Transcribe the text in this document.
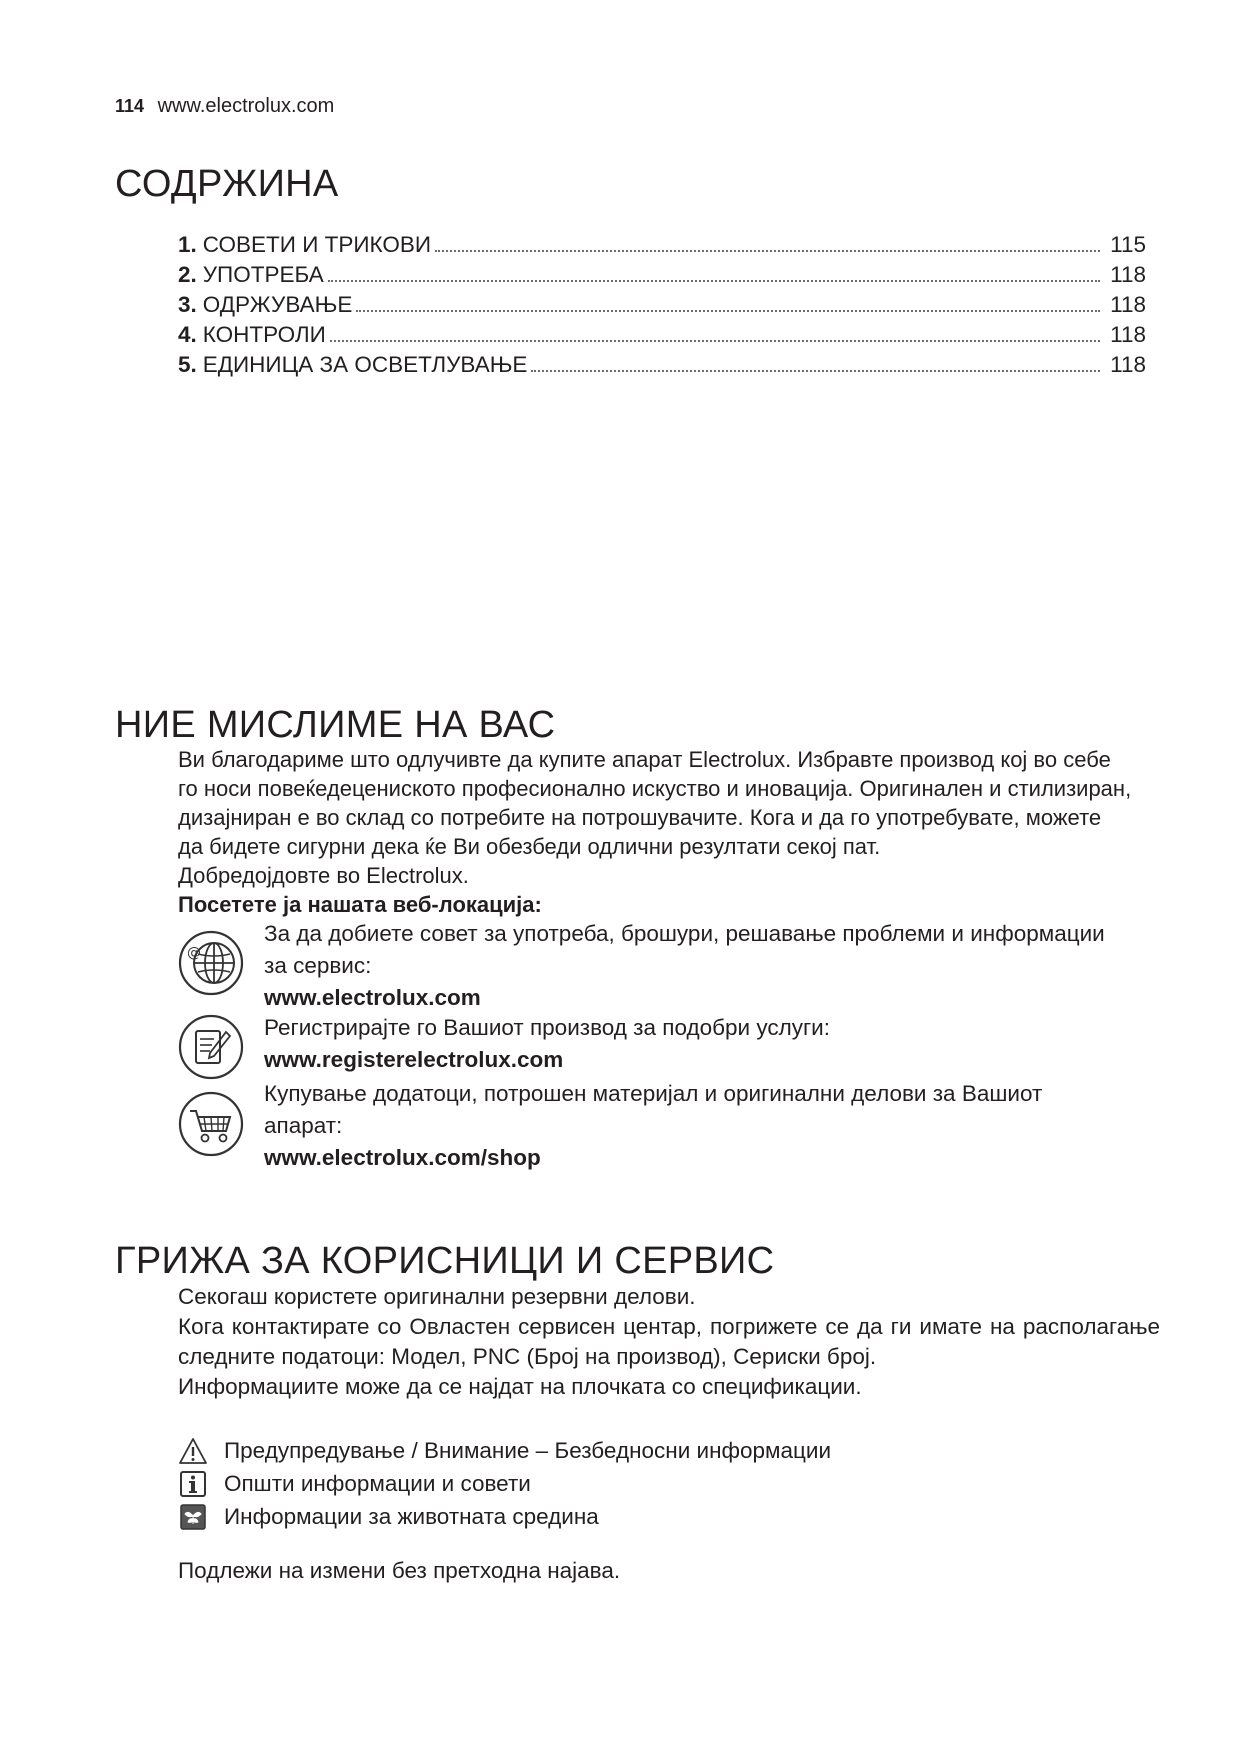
114 www.electrolux.com
СОДРЖИНА
1. СОВЕТИ И ТРИКОВИ	115
2. УПОТРЕБА	118
3. ОДРЖУВАЊЕ	118
4. КОНТРОЛИ	118
5. ЕДИНИЦА ЗА ОСВЕТЛУВАЊЕ	118
НИЕ МИСЛИМЕ НА ВАС

Ви благодариме што одлучивте да купите апарат Electrolux. Избравте производ кој во себе

го носи повеќедецениското професионално искуство и иновација. Оригинален и стилизиран,

дизајниран е во склад со потребите на потрошувачите. Кога и да го употребувате, можете

да бидете сигурни дека ќе Ви обезбеди одлични резултати секој пат.

Добредојдовте во Electrolux.

Посетете ја нашата веб-локација:

@
За да добиете совет за употреба, брошури, решавање проблеми и информации
за сервис:
www.electrolux.com
Регистрирајте го Вашиот производ за подобри услуги:
www.registerelectrolux.com
Купување додатоци, потрошен материјал и оригинални делови за Вашиот
апарат:
www.electrolux.com/shop
ГРИЖА ЗА КОРИСНИЦИ И СЕРВИС

Секогаш користете оригинални резервни делови.

Кога контактирате со Овластен сервисен центар, погрижете се да ги имате на располагање следните податоци: Модел, PNC (Број на производ), Сериски број.

Информациите може да се најдат на плочката со спецификации.

Предупредување / Внимание – Безбедносни информации
Општи информации и совети
Информации за животната средина
Подлежи на измени без претходна најава.
